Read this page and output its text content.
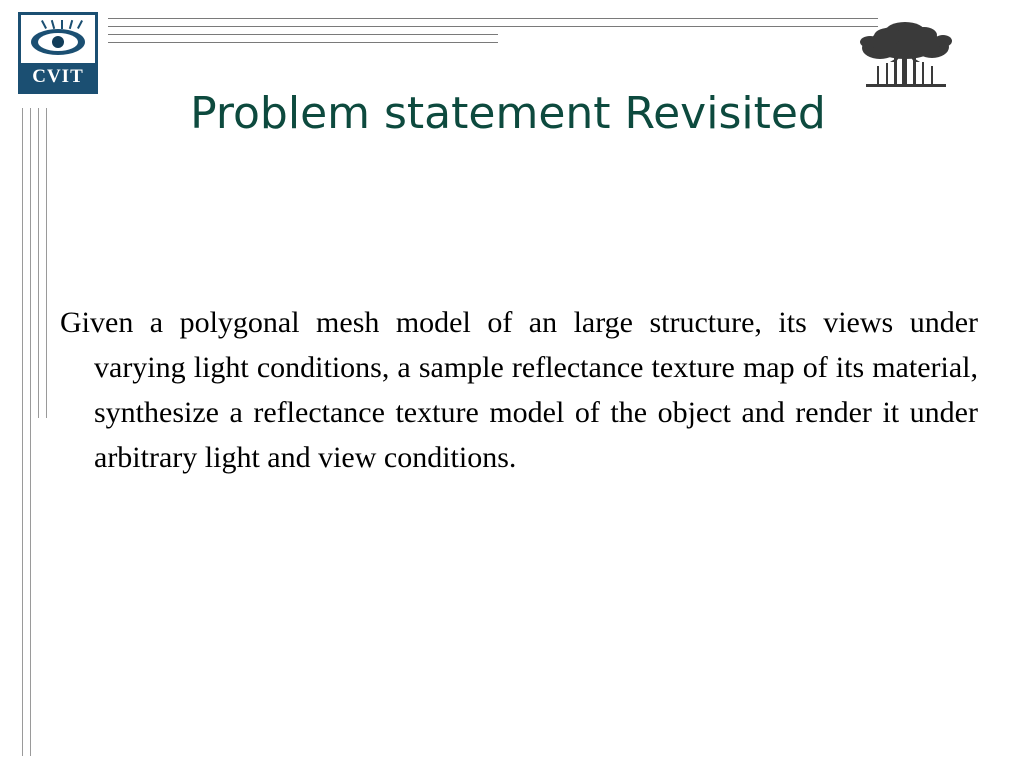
CVIT
Problem statement Revisited

Given a polygonal mesh model of an large structure, its views under varying light conditions, a sample reflectance texture map of its material, synthesize a reflectance texture model of the object and render it under arbitrary light and view conditions.
